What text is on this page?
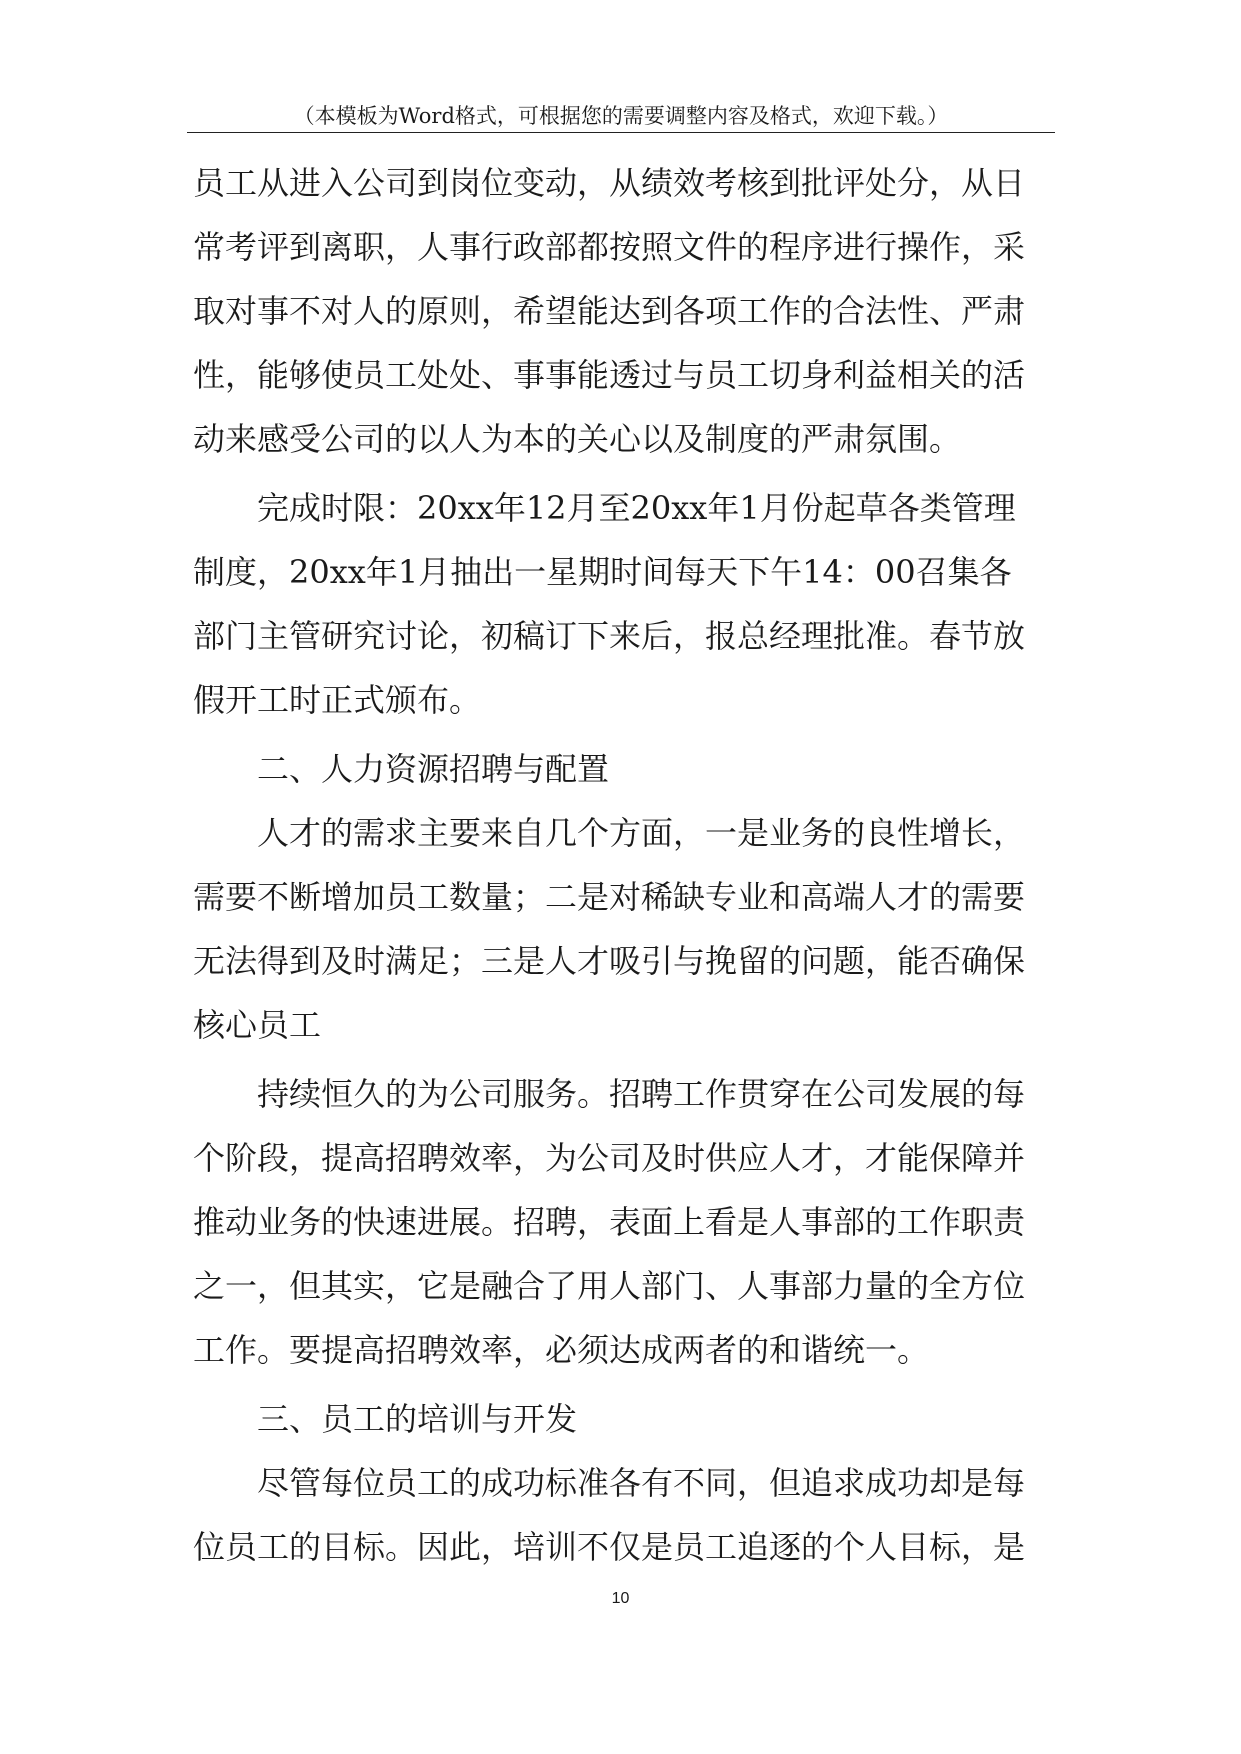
（本模板为Word格式，可根据您的需要调整内容及格式，欢迎下载。）
员工从进入公司到岗位变动，从绩效考核到批评处分，从日
常考评到离职，人事行政部都按照文件的程序进行操作，采
取对事不对人的原则，希望能达到各项工作的合法性、严肃
性，能够使员工处处、事事能透过与员工切身利益相关的活
动来感受公司的以人为本的关心以及制度的严肃氛围。
完成时限：20xx年12月至20xx年1月份起草各类管理
制度，20xx年1月抽出一星期时间每天下午14：00召集各
部门主管研究讨论，初稿订下来后，报总经理批准。春节放
假开工时正式颁布。
二、人力资源招聘与配置
人才的需求主要来自几个方面，一是业务的良性增长，
需要不断增加员工数量；二是对稀缺专业和高端人才的需要
无法得到及时满足；三是人才吸引与挽留的问题，能否确保
核心员工
持续恒久的为公司服务。招聘工作贯穿在公司发展的每
个阶段，提高招聘效率，为公司及时供应人才，才能保障并
推动业务的快速进展。招聘，表面上看是人事部的工作职责
之一，但其实，它是融合了用人部门、人事部力量的全方位
工作。要提高招聘效率，必须达成两者的和谐统一。
三、员工的培训与开发
尽管每位员工的成功标准各有不同，但追求成功却是每
位员工的目标。因此，培训不仅是员工追逐的个人目标，是
10
